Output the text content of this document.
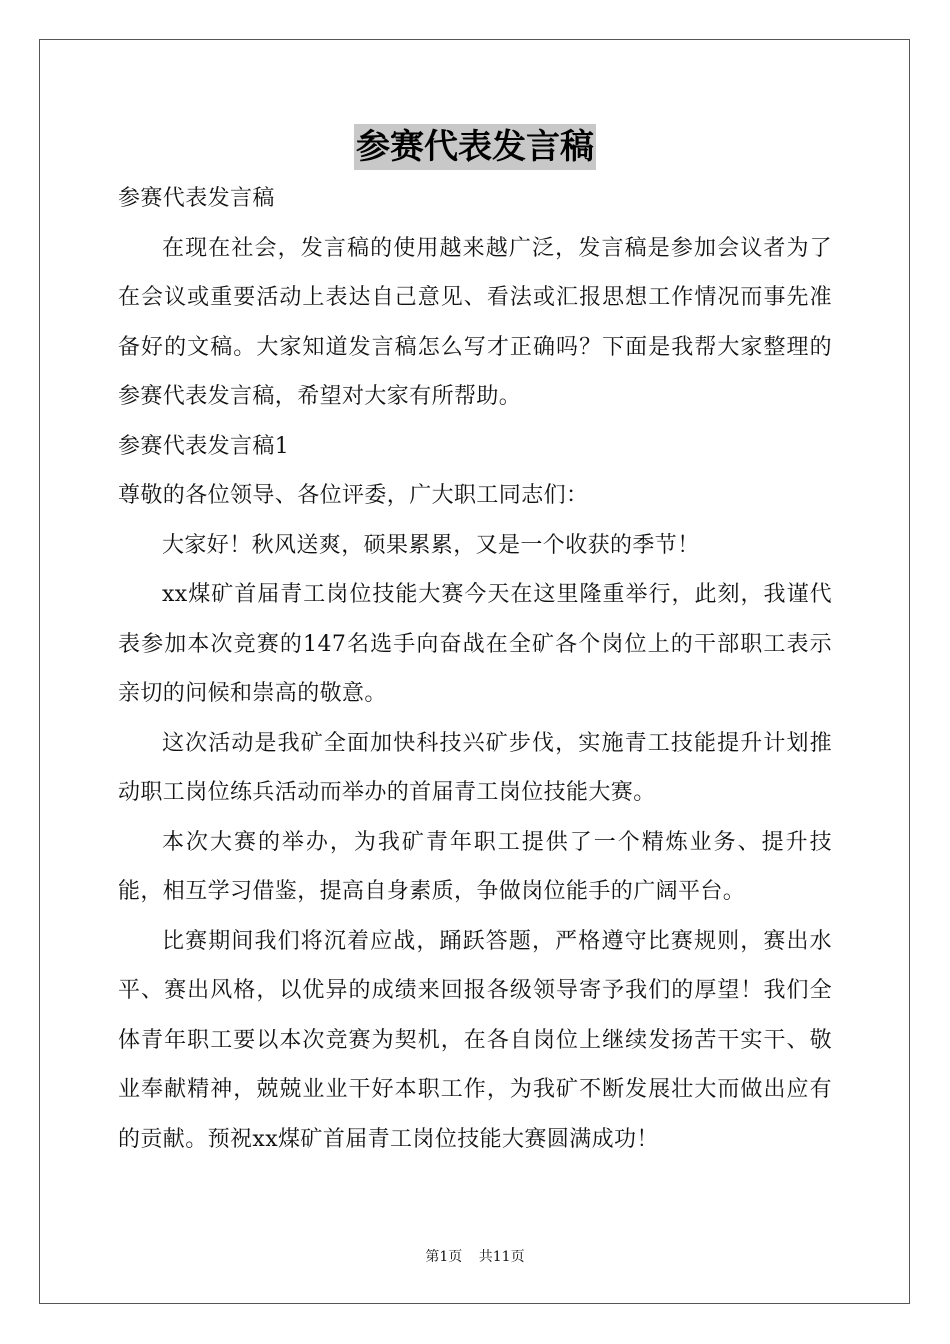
参赛代表发言稿

参赛代表发言稿

在现在社会，发言稿的使用越来越广泛，发言稿是参加会议者为了在会议或重要活动上表达自己意见、看法或汇报思想工作情况而事先准备好的文稿。大家知道发言稿怎么写才正确吗？下面是我帮大家整理的参赛代表发言稿，希望对大家有所帮助。

参赛代表发言稿1

尊敬的各位领导、各位评委，广大职工同志们：

大家好！秋风送爽，硕果累累，又是一个收获的季节！

xx煤矿首届青工岗位技能大赛今天在这里隆重举行，此刻，我谨代表参加本次竞赛的147名选手向奋战在全矿各个岗位上的干部职工表示亲切的问候和崇高的敬意。

这次活动是我矿全面加快科技兴矿步伐，实施青工技能提升计划推动职工岗位练兵活动而举办的首届青工岗位技能大赛。

本次大赛的举办，为我矿青年职工提供了一个精炼业务、提升技能，相互学习借鉴，提高自身素质，争做岗位能手的广阔平台。

比赛期间我们将沉着应战，踊跃答题，严格遵守比赛规则，赛出水平、赛出风格，以优异的成绩来回报各级领导寄予我们的厚望！我们全体青年职工要以本次竞赛为契机，在各自岗位上继续发扬苦干实干、敬业奉献精神，兢兢业业干好本职工作，为我矿不断发展壮大而做出应有的贡献。预祝xx煤矿首届青工岗位技能大赛圆满成功！

第1页 共11页
